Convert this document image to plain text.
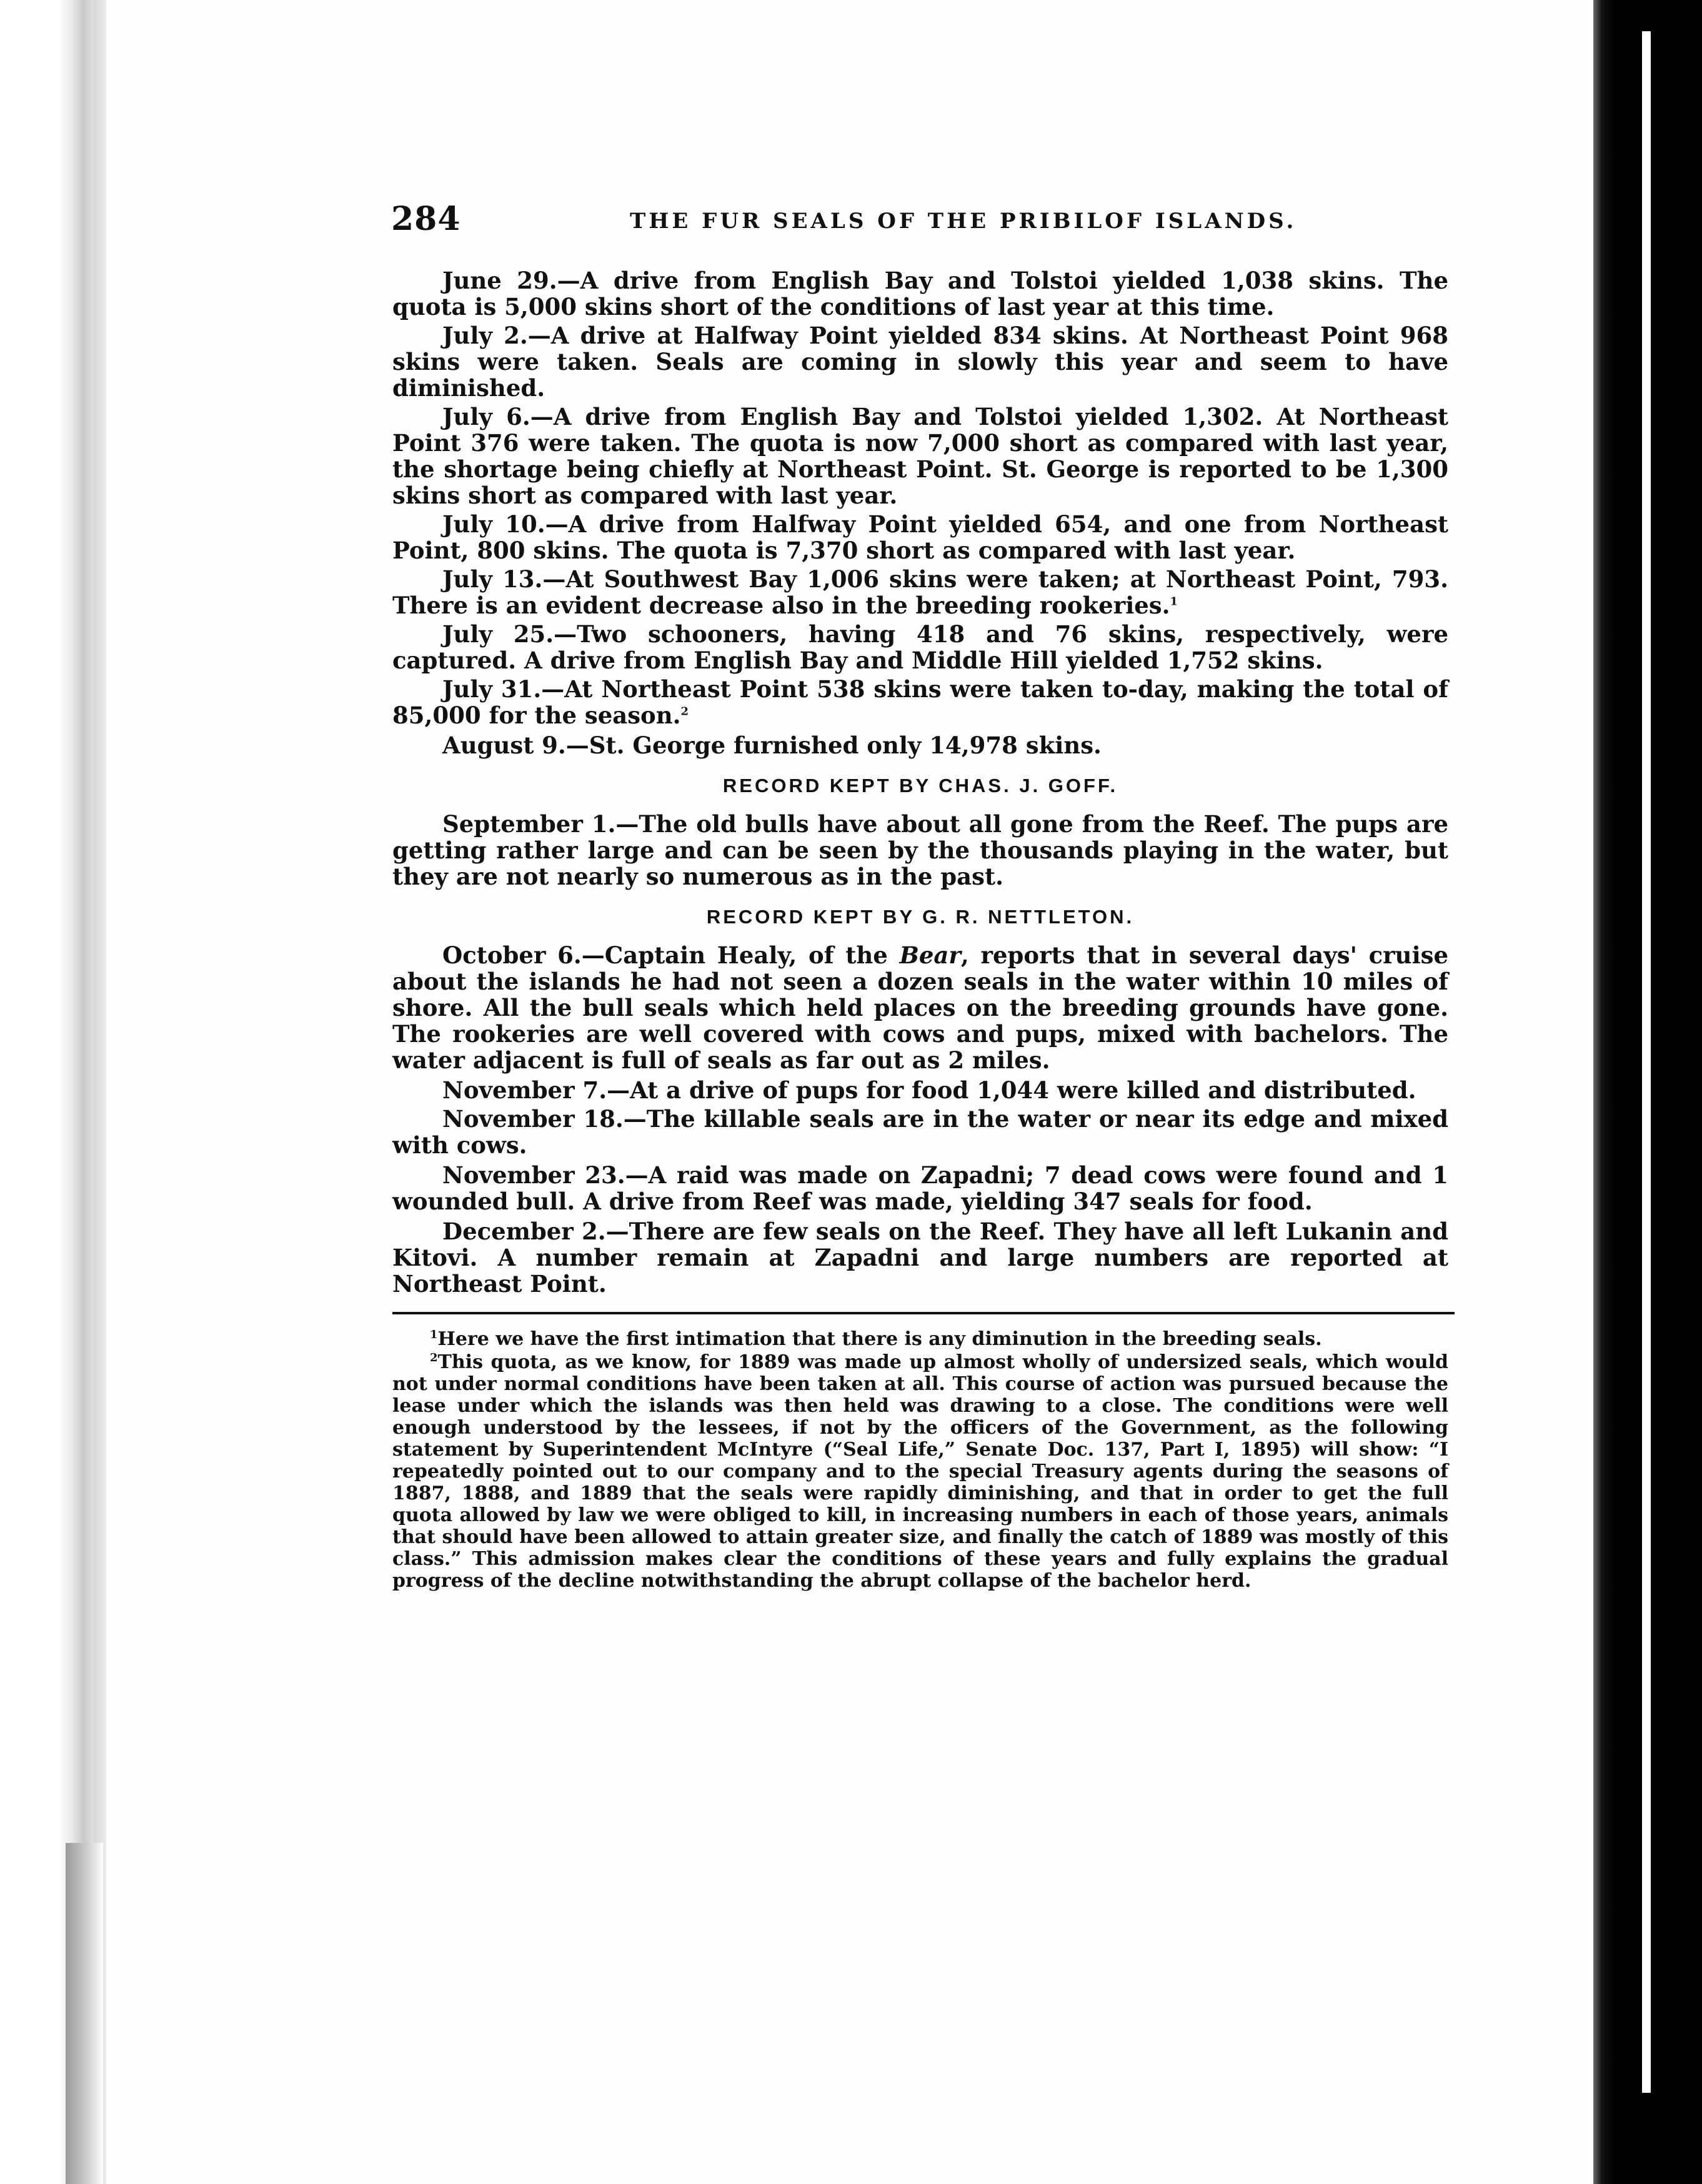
284	THE FUR SEALS OF THE PRIBILOF ISLANDS.

June 29.—A drive from English Bay and Tolstoi yielded 1,038 skins. The quota is 5,000 skins short of the conditions of last year at this time.

July 2.—A drive at Halfway Point yielded 834 skins. At Northeast Point 968 skins were taken. Seals are coming in slowly this year and seem to have diminished.

July 6.—A drive from English Bay and Tolstoi yielded 1,302. At Northeast Point 376 were taken. The quota is now 7,000 short as compared with last year, the shortage being chiefly at Northeast Point. St. George is reported to be 1,300 skins short as compared with last year.

July 10.—A drive from Halfway Point yielded 654, and one from Northeast Point, 800 skins. The quota is 7,370 short as compared with last year.

July 13.—At Southwest Bay 1,006 skins were taken; at Northeast Point, 793. There is an evident decrease also in the breeding rookeries.$^1$

July 25.—Two schooners, having 418 and 76 skins, respectively, were captured. A drive from English Bay and Middle Hill yielded 1,752 skins.

July 31.—At Northeast Point 538 skins were taken to-day, making the total of 85,000 for the season.$^2$

August 9.—St. George furnished only 14,978 skins.

RECORD KEPT BY CHAS. J. GOFF.

September 1.—The old bulls have about all gone from the Reef. The pups are getting rather large and can be seen by the thousands playing in the water, but they are not nearly so numerous as in the past.

RECORD KEPT BY G. R. NETTLETON.

October 6.—Captain Healy, of the Bear, reports that in several days' cruise about the islands he had not seen a dozen seals in the water within 10 miles of shore. All the bull seals which held places on the breeding grounds have gone. The rookeries are well covered with cows and pups, mixed with bachelors. The water adjacent is full of seals as far out as 2 miles.

November 7.—At a drive of pups for food 1,044 were killed and distributed.

November 18.—The killable seals are in the water or near its edge and mixed with cows.

November 23.—A raid was made on Zapadni; 7 dead cows were found and 1 wounded bull. A drive from Reef was made, yielding 347 seals for food.

December 2.—There are few seals on the Reef. They have all left Lukanin and Kitovi. A number remain at Zapadni and large numbers are reported at Northeast Point.

$^1$Here we have the first intimation that there is any diminution in the breeding seals.

$^2$This quota, as we know, for 1889 was made up almost wholly of undersized seals, which would not under normal conditions have been taken at all. This course of action was pursued because the lease under which the islands was then held was drawing to a close. The conditions were well enough understood by the lessees, if not by the officers of the Government, as the following statement by Superintendent McIntyre (“Seal Life,” Senate Doc. 137, Part I, 1895) will show: “I repeatedly pointed out to our company and to the special Treasury agents during the seasons of 1887, 1888, and 1889 that the seals were rapidly diminishing, and that in order to get the full quota allowed by law we were obliged to kill, in increasing numbers in each of those years, animals that should have been allowed to attain greater size, and finally the catch of 1889 was mostly of this class.” This admission makes clear the conditions of these years and fully explains the gradual progress of the decline notwithstanding the abrupt collapse of the bachelor herd.
